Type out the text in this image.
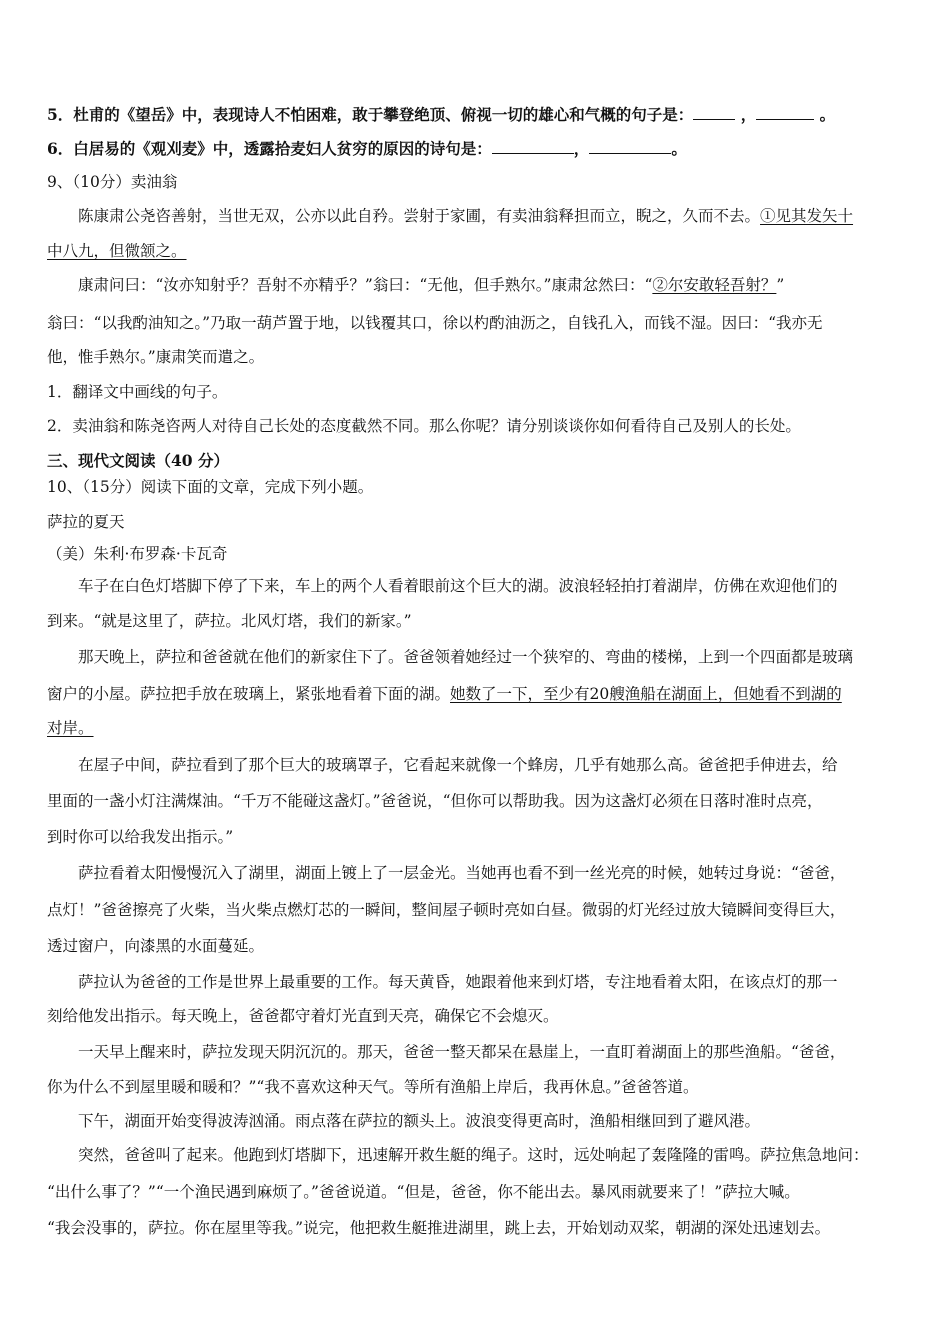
5．杜甫的《望岳》中，表现诗人不怕困难，敢于攀登绝顶、俯视一切的雄心和气概的句子是：	，	。
6．白居易的《观刈麦》中，透露拾麦妇人贫穷的原因的诗句是：	，	。
9、（10分）卖油翁
陈康肃公尧咨善射，当世无双，公亦以此自矜。尝射于家圃，有卖油翁释担而立，睨之，久而不去。①见其发矢十
中八九，但微颔之。
康肃问曰：“汝亦知射乎？吾射不亦精乎？”翁曰：“无他，但手熟尔。”康肃忿然曰：“②尔安敢轻吾射？”
翁曰：“以我酌油知之。”乃取一葫芦置于地，以钱覆其口，徐以杓酌油沥之，自钱孔入，而钱不湿。因曰：“我亦无
他，惟手熟尔。”康肃笑而遣之。
1．翻译文中画线的句子。
2．卖油翁和陈尧咨两人对待自己长处的态度截然不同。那么你呢？请分别谈谈你如何看待自己及别人的长处。
三、现代文阅读（40 分）
10、（15分）阅读下面的文章，完成下列小题。
萨拉的夏天
（美）朱利·布罗森·卡瓦奇
车子在白色灯塔脚下停了下来，车上的两个人看着眼前这个巨大的湖。波浪轻轻拍打着湖岸，仿佛在欢迎他们的
到来。“就是这里了，萨拉。北风灯塔，我们的新家。”
那天晚上，萨拉和爸爸就在他们的新家住下了。爸爸领着她经过一个狭窄的、弯曲的楼梯，上到一个四面都是玻璃
窗户的小屋。萨拉把手放在玻璃上，紧张地看着下面的湖。她数了一下，至少有20艘渔船在湖面上，但她看不到湖的
对岸。
在屋子中间，萨拉看到了那个巨大的玻璃罩子，它看起来就像一个蜂房，几乎有她那么高。爸爸把手伸进去，给
里面的一盏小灯注满煤油。“千万不能碰这盏灯。”爸爸说，“但你可以帮助我。因为这盏灯必须在日落时准时点亮，
到时你可以给我发出指示。”
萨拉看着太阳慢慢沉入了湖里，湖面上镀上了一层金光。当她再也看不到一丝光亮的时候，她转过身说：“爸爸，
点灯！”爸爸擦亮了火柴，当火柴点燃灯芯的一瞬间，整间屋子顿时亮如白昼。微弱的灯光经过放大镜瞬间变得巨大，
透过窗户，向漆黑的水面蔓延。
萨拉认为爸爸的工作是世界上最重要的工作。每天黄昏，她跟着他来到灯塔，专注地看着太阳，在该点灯的那一
刻给他发出指示。每天晚上，爸爸都守着灯光直到天亮，确保它不会熄灭。
一天早上醒来时，萨拉发现天阴沉沉的。那天，爸爸一整天都呆在悬崖上，一直盯着湖面上的那些渔船。“爸爸，
你为什么不到屋里暖和暖和？”“我不喜欢这种天气。等所有渔船上岸后，我再休息。”爸爸答道。
下午，湖面开始变得波涛汹涌。雨点落在萨拉的额头上。波浪变得更高时，渔船相继回到了避风港。
突然，爸爸叫了起来。他跑到灯塔脚下，迅速解开救生艇的绳子。这时，远处响起了轰隆隆的雷鸣。萨拉焦急地问：
“出什么事了？”“一个渔民遇到麻烦了。”爸爸说道。“但是，爸爸，你不能出去。暴风雨就要来了！”萨拉大喊。
“我会没事的，萨拉。你在屋里等我。”说完，他把救生艇推进湖里，跳上去，开始划动双桨，朝湖的深处迅速划去。
